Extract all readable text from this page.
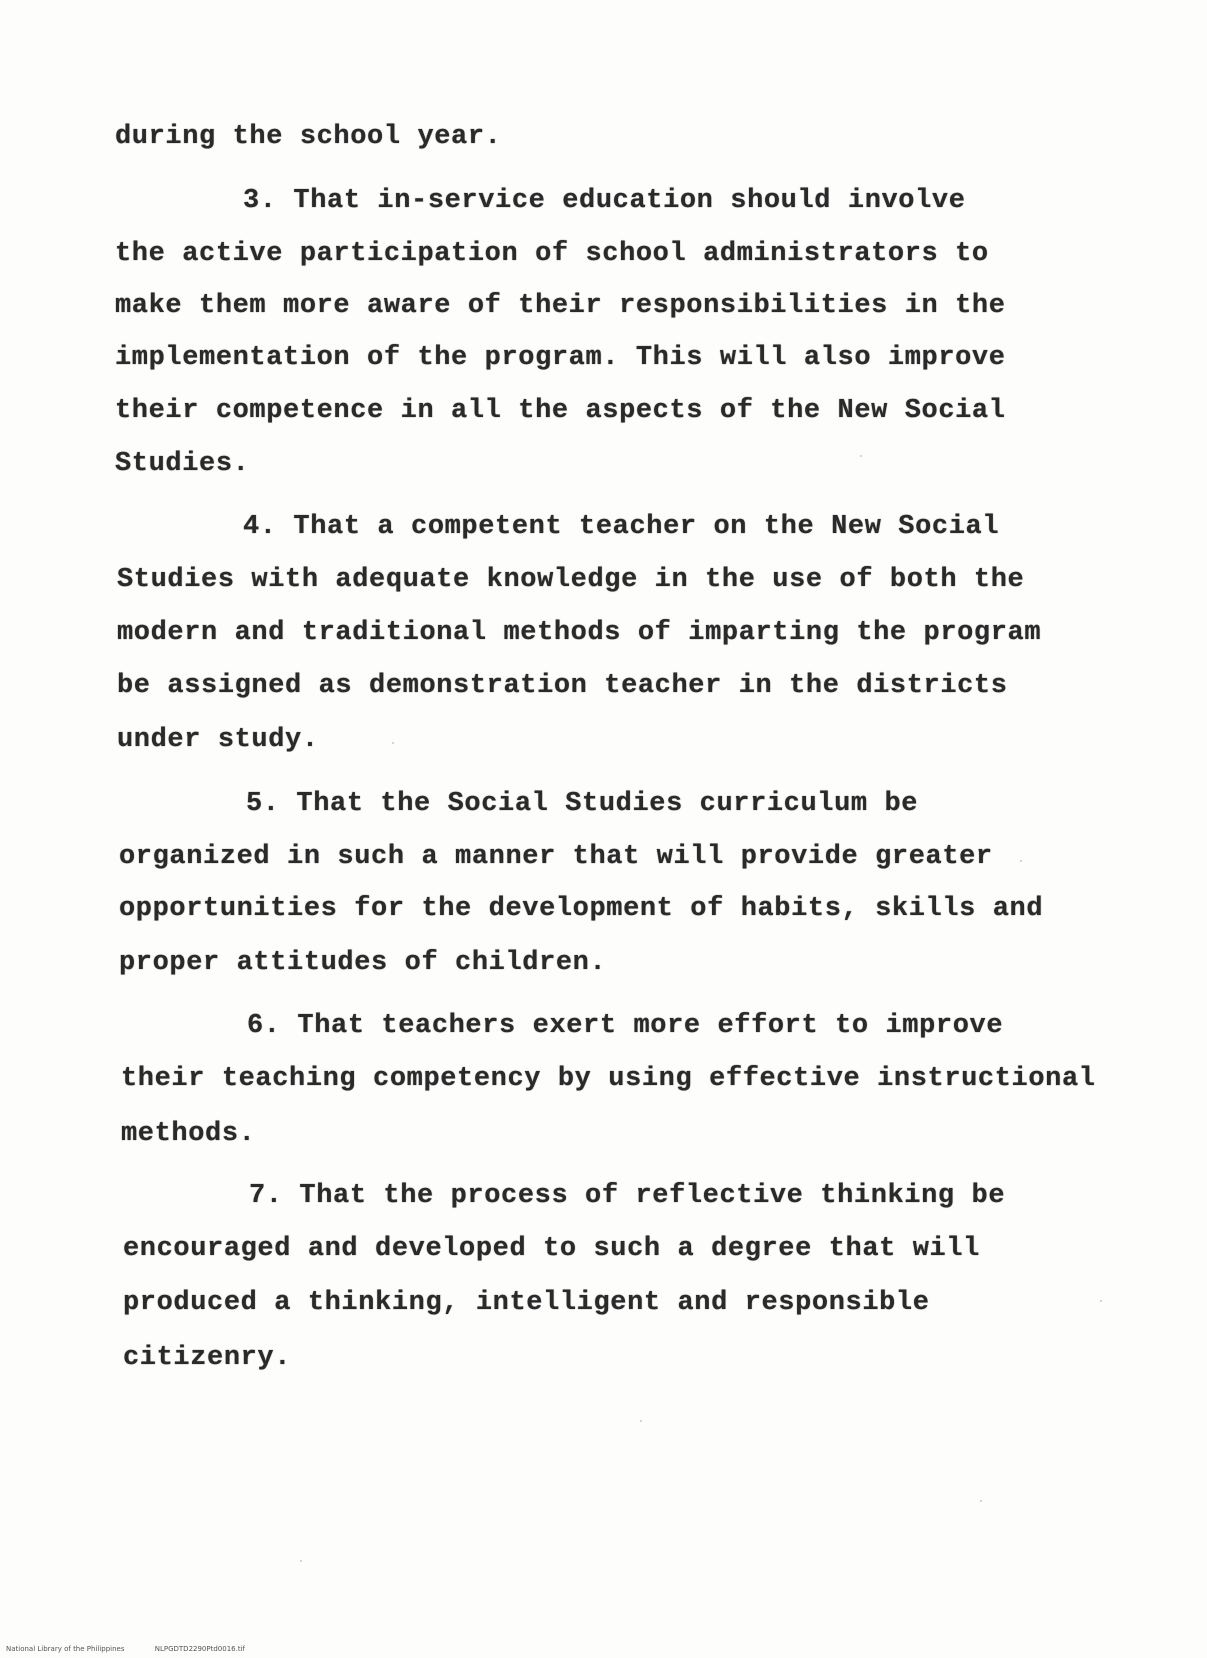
during the school year.
3. That in-service education should involve
the active participation of school administrators to
make them more aware of their responsibilities in the
implementation of the program. This will also improve
their competence in all the aspects of the New Social
Studies.
4. That a competent teacher on the New Social
Studies with adequate knowledge in the use of both the
modern and traditional methods of imparting the program
be assigned as demonstration teacher in the districts
under study.
5. That the Social Studies curriculum be
organized in such a manner that will provide greater
opportunities for the development of habits, skills and
proper attitudes of children.
6. That teachers exert more effort to improve
their teaching competency by using effective instructional
methods.
7. That the process of reflective thinking be
encouraged and developed to such a degree that will
produced a thinking, intelligent and responsible
citizenry.
National Library of the Philippines	NLPGDTD2290Ptd0016.tif
